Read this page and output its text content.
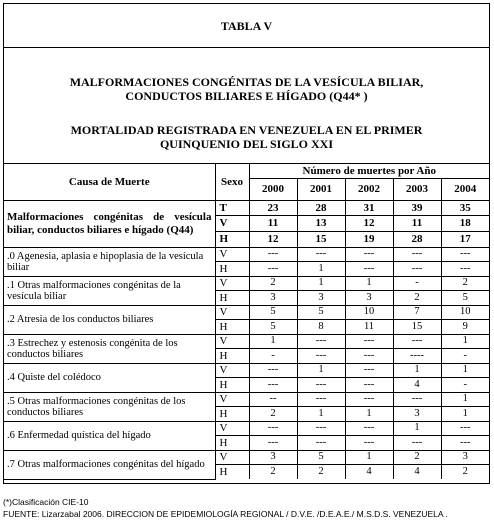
TABLA V
MALFORMACIONES CONGÉNITAS DE LA VESÍCULA BILIAR,
CONDUCTOS BILIARES E HÍGADO (Q44* )
MORTALIDAD REGISTRADA EN VENEZUELA EN EL PRIMER
QUINQUENIO DEL SIGLO XXI
Causa de Muerte	Sexo	Número de muertes por Año				
		2000	2001	2002	2003	2004
Malformaciones congénitas de vesícula biliar, conductos biliares e hígado (Q44)	T	23	28	31	39	35
	V	11	13	12	11	18
	H	12	15	19	28	17
.0 Agenesia, aplasia e hipoplasia de la vesícula biliar	V	---	---	---	---	---
	H	---	1	---	---	---
.1 Otras malformaciones congénitas de la vesícula biliar	V	2	1	1	-	2
	H	3	3	3	2	5
.2 Atresia de los conductos biliares	V	5	5	10	7	10
	H	5	8	11	15	9
.3 Estrechez y estenosis congénita de los conductos biliares	V	1	---	---	---	1
	H	-	---	---	----	-
.4 Quiste del colédoco	V	---	1	---	1	1
	H	---	---	---	4	-
.5 Otras malformaciones congénitas de los conductos biliares	V	--	---	---	---	1
	H	2	1	1	3	1
.6 Enfermedad quística del hígado	V	---	---	---	1	---
	H	---	---	---	---	---
.7 Otras malformaciones congénitas del hígado	V	3	5	1	2	3
	H	2	2	4	4	2
(*)Clasificación CIE-10
FUENTE: Lizarzabal 2006. DIRECCION DE EPIDEMIOLOGÍA REGIONAL / D.V.E. /D.E.A.E./ M.S.D.S. VENEZUELA .
